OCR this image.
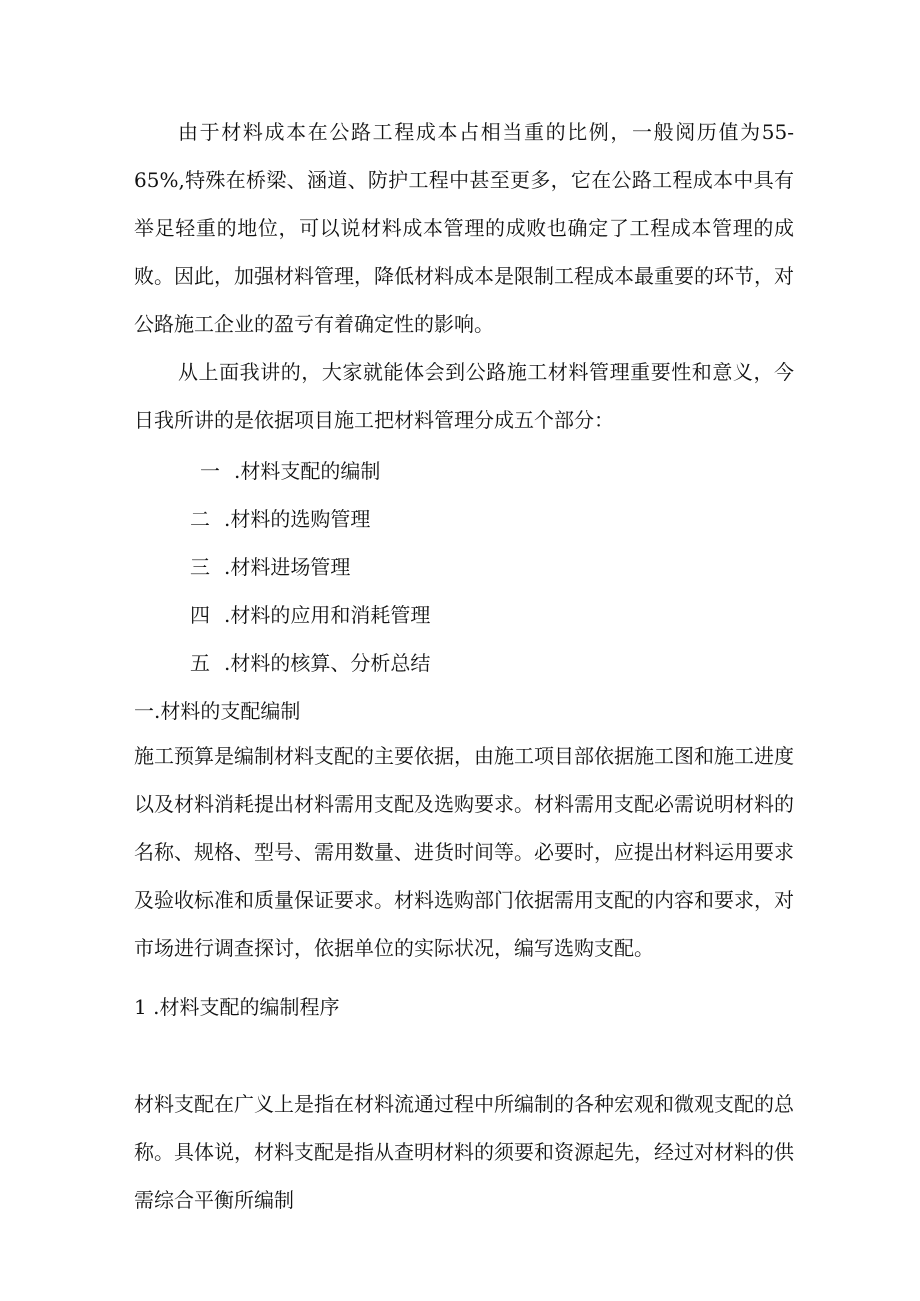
由于材料成本在公路工程成本占相当重的比例，一般阅历值为55-65%,特殊在桥梁、涵道、防护工程中甚至更多，它在公路工程成本中具有举足轻重的地位，可以说材料成本管理的成败也确定了工程成本管理的成败。因此，加强材料管理，降低材料成本是限制工程成本最重要的环节，对公路施工企业的盈亏有着确定性的影响。

从上面我讲的，大家就能体会到公路施工材料管理重要性和意义，今日我所讲的是依据项目施工把材料管理分成五个部分：

一 .材料支配的编制

二 .材料的选购管理

三 .材料进场管理

四 .材料的应用和消耗管理

五 .材料的核算、分析总结

一.材料的支配编制

施工预算是编制材料支配的主要依据，由施工项目部依据施工图和施工进度以及材料消耗提出材料需用支配及选购要求。材料需用支配必需说明材料的名称、规格、型号、需用数量、进货时间等。必要时，应提出材料运用要求及验收标准和质量保证要求。材料选购部门依据需用支配的内容和要求，对市场进行调查探讨，依据单位的实际状况，编写选购支配。

1 .材料支配的编制程序

材料支配在广义上是指在材料流通过程中所编制的各种宏观和微观支配的总称。具体说，材料支配是指从查明材料的须要和资源起先，经过对材料的供需综合平衡所编制
